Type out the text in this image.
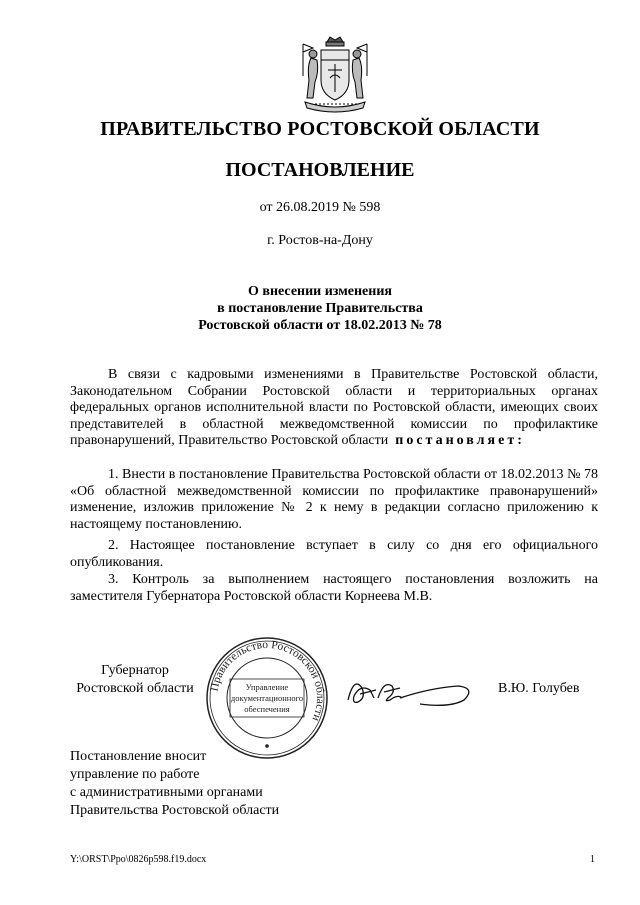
ПРАВИТЕЛЬСТВО РОСТОВСКОЙ ОБЛАСТИ
ПОСТАНОВЛЕНИЕ
от 26.08.2019 № 598
г. Ростов-на-Дону
О внесении изменения
в постановление Правительства
Ростовской области от 18.02.2013 № 78
В связи с кадровыми изменениями в Правительстве Ростовской области, Законодательном Собрании Ростовской области и территориальных органах федеральных органов исполнительной власти по Ростовской области, имеющих своих представителей в областной межведомственной комиссии по профилактике правонарушений, Правительство Ростовской области постановляет:
1. Внести в постановление Правительства Ростовской области от 18.02.2013 № 78 «Об областной межведомственной комиссии по профилактике правонарушений» изменение, изложив приложение № 2 к нему в редакции согласно приложению к настоящему постановлению.
2. Настоящее постановление вступает в силу со дня его официального опубликования.
3. Контроль за выполнением настоящего постановления возложить на заместителя Губернатора Ростовской области Корнеева М.В.
Губернатор
Ростовской области	Правительство Ростовской области
Управление
документационного
обеспечения
В.Ю. Голубев
Постановление вносит
управление по работе
с административными органами
Правительства Ростовской области
Y:\ORST\Ppo\0826p598.f19.docx	1
